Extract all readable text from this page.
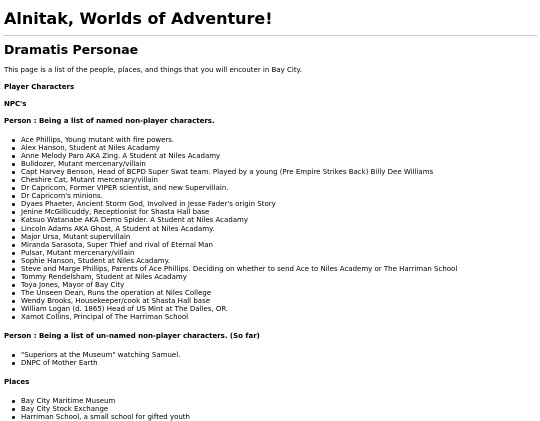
Alnitak, Worlds of Adventure!
Dramatis Personae

This page is a list of the people, places, and things that you will encouter in Bay City.

Player Characters
NPC's
Person : Being a list of named non-player characters.
Ace Phillips, Young mutant with fire powers.
Alex Hanson, Student at Niles Acadamy
Anne Melody Paro AKA Zing. A Student at Niles Acadamy
Bulldozer, Mutant mercenary/villain
Capt Harvey Benson, Head of BCPD Super Swat team. Played by a young (Pre Empire Strikes Back) Billy Dee Williams
Cheshire Cat, Mutant mercenary/villain
Dr Capricorn, Former VIPER scientist, and new Supervillain.
Dr Capricorn's minions.
Dyaes Phaeter, Ancient Storm God, Involved in Jesse Fader's origin Story
Jenine McGillicuddy, Receptionist for Shasta Hall base
Katsuo Watanabe AKA Demo Spider. A Student at Niles Acadamy
Lincoln Adams AKA Ghost, A Student at Niles Acadamy.
Major Ursa, Mutant supervillain
Miranda Sarasota, Super Thief and rival of Eternal Man
Pulsar, Mutant mercenary/villain
Sophie Hanson, Student at Niles Acadamy.
Steve and Marge Phillips, Parents of Ace Phillips. Deciding on whether to send Ace to Niles Academy or The Harriman School
Tommy Rendelsham, Student at Niles Acadamy
Toya Jones, Mayor of Bay City
The Unseen Dean, Runs the operation at Niles College
Wendy Brooks, Housekeeper/cook at Shasta Hall base
William Logan (d. 1865) Head of US Mint at The Dalles, OR.
Xamot Collins, Principal of The Harriman School
Person : Being a list of un-named non-player characters. (So far)
"Superiors at the Museum" watching Samuel.
DNPC of Mother Earth
Places
Bay City Maritime Museum
Bay City Stock Exchange
Harriman School, a small school for gifted youth
